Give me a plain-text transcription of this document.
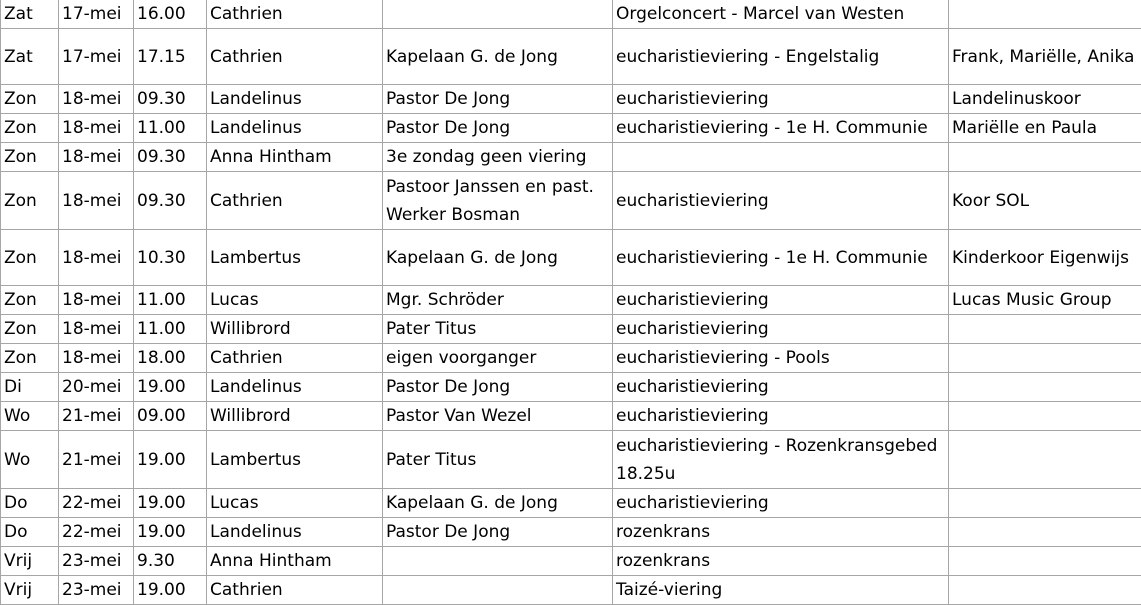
Zat	17-mei	16.00	Cathrien		Orgelconcert - Marcel van Westen	
Zat	17-mei	17.15	Cathrien	Kapelaan G. de Jong	eucharistieviering - Engelstalig	Frank, Mariëlle, Anika
Zon	18-mei	09.30	Landelinus	Pastor De Jong	eucharistieviering	Landelinuskoor
Zon	18-mei	11.00	Landelinus	Pastor De Jong	eucharistieviering - 1e H. Communie	Mariëlle en Paula
Zon	18-mei	09.30	Anna Hintham	3e zondag geen viering		
Zon	18-mei	09.30	Cathrien	Pastoor Janssen en past. Werker Bosman	eucharistieviering	Koor SOL
Zon	18-mei	10.30	Lambertus	Kapelaan G. de Jong	eucharistieviering - 1e H. Communie	Kinderkoor Eigenwijs
Zon	18-mei	11.00	Lucas	Mgr. Schröder	eucharistieviering	Lucas Music Group
Zon	18-mei	11.00	Willibrord	Pater Titus	eucharistieviering	
Zon	18-mei	18.00	Cathrien	eigen voorganger	eucharistieviering - Pools	
Di	20-mei	19.00	Landelinus	Pastor De Jong	eucharistieviering	
Wo	21-mei	09.00	Willibrord	Pastor Van Wezel	eucharistieviering	
Wo	21-mei	19.00	Lambertus	Pater Titus	eucharistieviering - Rozenkransgebed 18.25u	
Do	22-mei	19.00	Lucas	Kapelaan G. de Jong	eucharistieviering	
Do	22-mei	19.00	Landelinus	Pastor De Jong	rozenkrans	
Vrij	23-mei	9.30	Anna Hintham		rozenkrans	
Vrij	23-mei	19.00	Cathrien		Taizé-viering	
